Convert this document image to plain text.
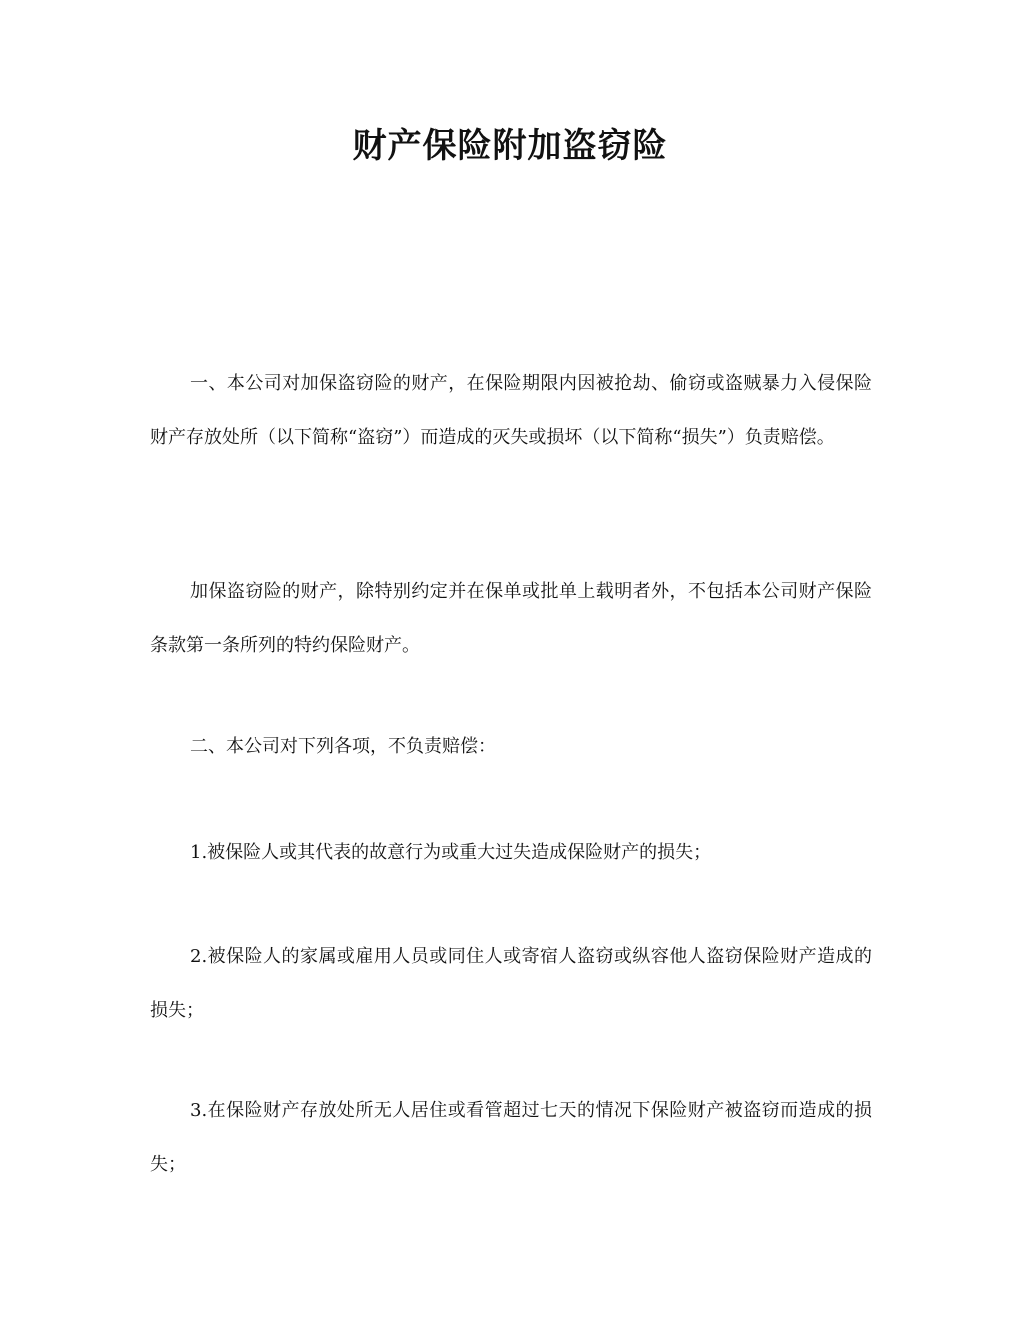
财产保险附加盗窃险

一、本公司对加保盗窃险的财产，在保险期限内因被抢劫、偷窃或盗贼暴力入侵保险财产存放处所（以下简称“盗窃”）而造成的灭失或损坏（以下简称“损失”）负责赔偿。

加保盗窃险的财产，除特别约定并在保单或批单上载明者外，不包括本公司财产保险条款第一条所列的特约保险财产。

二、本公司对下列各项，不负责赔偿：

1.被保险人或其代表的故意行为或重大过失造成保险财产的损失；

2.被保险人的家属或雇用人员或同住人或寄宿人盗窃或纵容他人盗窃保险财产造成的损失；

3.在保险财产存放处所无人居住或看管超过七天的情况下保险财产被盗窃而造成的损失；
